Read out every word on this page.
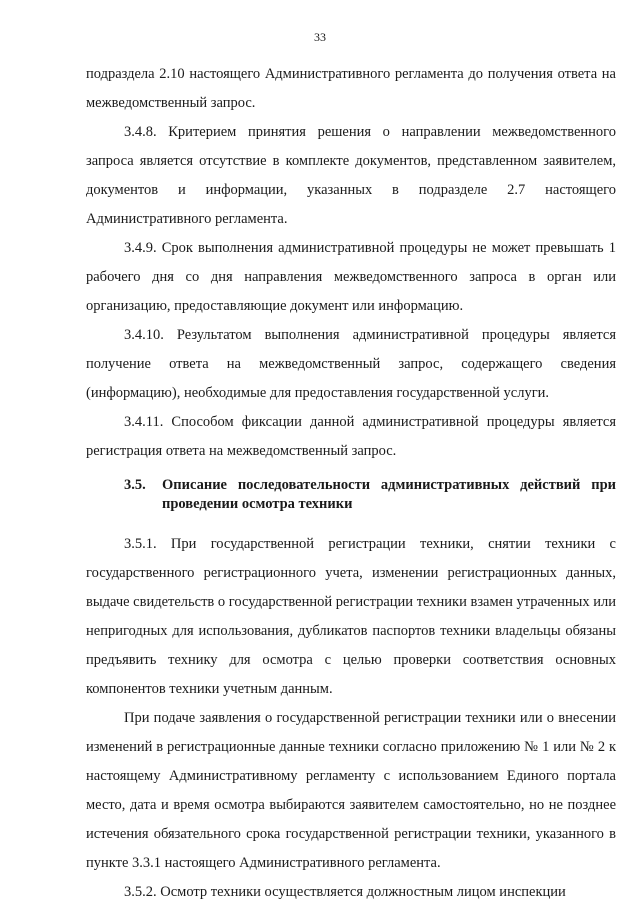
33

подраздела 2.10 настоящего Административного регламента до получения ответа на межведомственный запрос.

3.4.8. Критерием принятия решения о направлении межведомственного запроса является отсутствие в комплекте документов, представленном заявителем, документов и информации, указанных в подразделе 2.7 настоящего Административного регламента.

3.4.9. Срок выполнения административной процедуры не может превышать 1 рабочего дня со дня направления межведомственного запроса в орган или организацию, предоставляющие документ или информацию.

3.4.10. Результатом выполнения административной процедуры является получение ответа на межведомственный запрос, содержащего сведения (информацию), необходимые для предоставления государственной услуги.

3.4.11. Способом фиксации данной административной процедуры является регистрация ответа на межведомственный запрос.

3.5.	Описание последовательности административных действий при проведении осмотра техники

3.5.1. При государственной регистрации техники, снятии техники с государственного регистрационного учета, изменении регистрационных данных, выдаче свидетельств о государственной регистрации техники взамен утраченных или непригодных для использования, дубликатов паспортов техники владельцы обязаны предъявить технику для осмотра с целью проверки соответствия основных компонентов техники учетным данным.

При подаче заявления о государственной регистрации техники или о внесении изменений в регистрационные данные техники согласно приложению № 1 или № 2 к настоящему Административному регламенту с использованием Единого портала место, дата и время осмотра выбираются заявителем самостоятельно, но не позднее истечения обязательного срока государственной регистрации техники, указанного в пункте 3.3.1 настоящего Административного регламента.

3.5.2. Осмотр техники осуществляется должностным лицом инспекции
